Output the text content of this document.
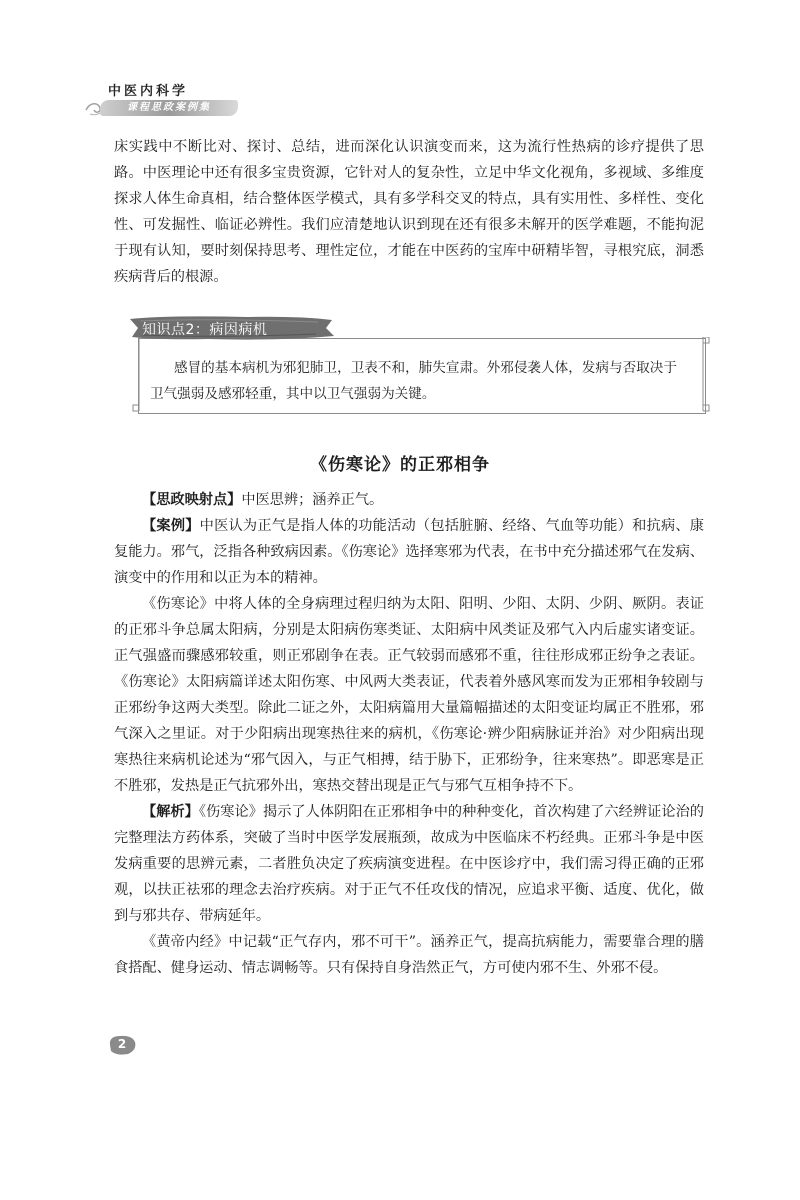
中医内科学
课程思政案例集

床实践中不断比对、探讨、总结，进而深化认识演变而来，这为流行性热病的诊疗提供了思路。中医理论中还有很多宝贵资源，它针对人的复杂性，立足中华文化视角，多视域、多维度探求人体生命真相，结合整体医学模式，具有多学科交叉的特点，具有实用性、多样性、变化性、可发掘性、临证必辨性。我们应清楚地认识到现在还有很多未解开的医学难题，不能拘泥于现有认知，要时刻保持思考、理性定位，才能在中医药的宝库中研精毕智，寻根究底，洞悉疾病背后的根源。

知识点2：病因病机

感冒的基本病机为邪犯肺卫，卫表不和，肺失宣肃。外邪侵袭人体，发病与否取决于卫气强弱及感邪轻重，其中以卫气强弱为关键。

《伤寒论》的正邪相争

【思政映射点】中医思辨；涵养正气。

【案例】中医认为正气是指人体的功能活动（包括脏腑、经络、气血等功能）和抗病、康复能力。邪气，泛指各种致病因素。《伤寒论》选择寒邪为代表，在书中充分描述邪气在发病、演变中的作用和以正为本的精神。

《伤寒论》中将人体的全身病理过程归纳为太阳、阳明、少阳、太阴、少阴、厥阴。表证的正邪斗争总属太阳病，分别是太阳病伤寒类证、太阳病中风类证及邪气入内后虚实诸变证。正气强盛而骤感邪较重，则正邪剧争在表。正气较弱而感邪不重，往往形成邪正纷争之表证。《伤寒论》太阳病篇详述太阳伤寒、中风两大类表证，代表着外感风寒而发为正邪相争较剧与正邪纷争这两大类型。除此二证之外，太阳病篇用大量篇幅描述的太阳变证均属正不胜邪，邪气深入之里证。对于少阳病出现寒热往来的病机，《伤寒论·辨少阳病脉证并治》对少阳病出现寒热往来病机论述为“邪气因入，与正气相搏，结于胁下，正邪纷争，往来寒热”。即恶寒是正不胜邪，发热是正气抗邪外出，寒热交替出现是正气与邪气互相争持不下。

【解析】《伤寒论》揭示了人体阴阳在正邪相争中的种种变化，首次构建了六经辨证论治的完整理法方药体系，突破了当时中医学发展瓶颈，故成为中医临床不朽经典。正邪斗争是中医发病重要的思辨元素，二者胜负决定了疾病演变进程。在中医诊疗中，我们需习得正确的正邪观，以扶正祛邪的理念去治疗疾病。对于正气不任攻伐的情况，应追求平衡、适度、优化，做到与邪共存、带病延年。

《黄帝内经》中记载“正气存内，邪不可干”。涵养正气，提高抗病能力，需要靠合理的膳食搭配、健身运动、情志调畅等。只有保持自身浩然正气，方可使内邪不生、外邪不侵。

2
